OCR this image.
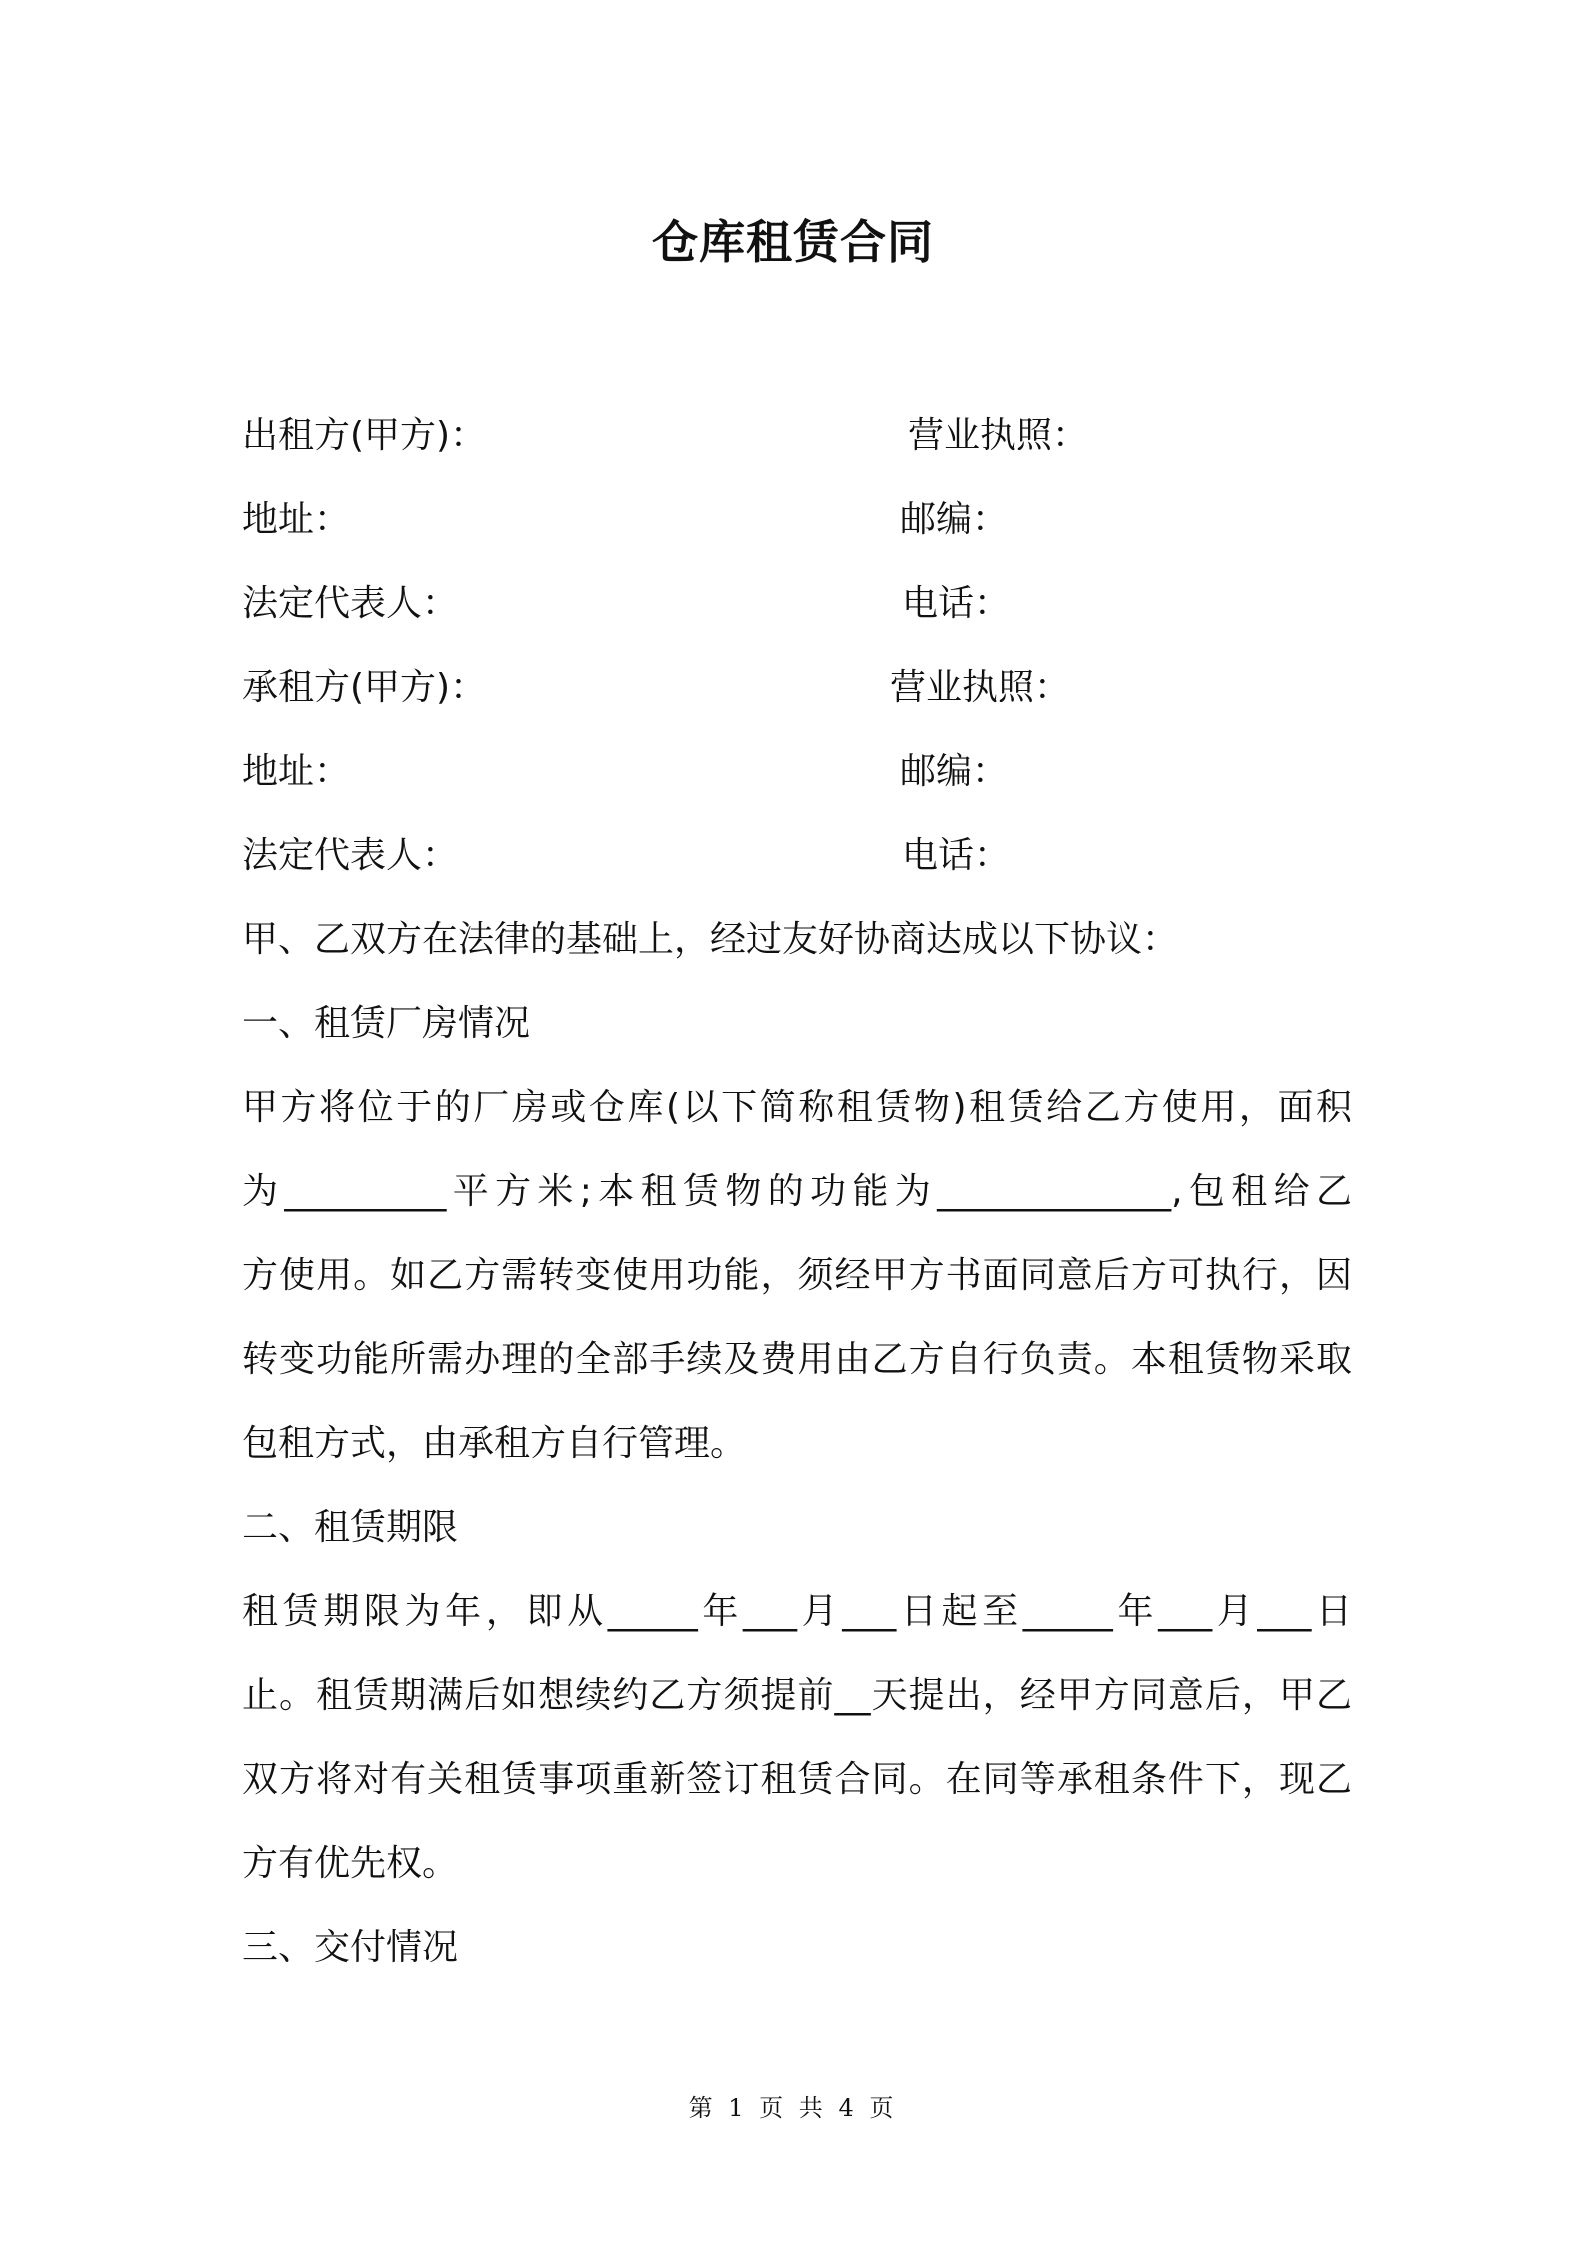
仓库租赁合同
出租方(甲方)：	营业执照：
地址：	邮编：
法定代表人：	电话：
承租方(甲方)：	营业执照：
地址：	邮编：
法定代表人：	电话：
甲、乙双方在法律的基础上，经过友好协商达成以下协议：
一、租赁厂房情况
甲方将位于的厂房或仓库(以下简称租赁物)租赁给乙方使用，面积
为_________平方米;本租赁物的功能为_____________,包租给乙
方使用。如乙方需转变使用功能，须经甲方书面同意后方可执行，因
转变功能所需办理的全部手续及费用由乙方自行负责。本租赁物采取
包租方式，由承租方自行管理。
二、租赁期限
租赁期限为年，即从_____年___月___日起至_____年___月___日
止。租赁期满后如想续约乙方须提前__天提出，经甲方同意后，甲乙
双方将对有关租赁事项重新签订租赁合同。在同等承租条件下，现乙
方有优先权。
三、交付情况
第 1 页 共 4 页
